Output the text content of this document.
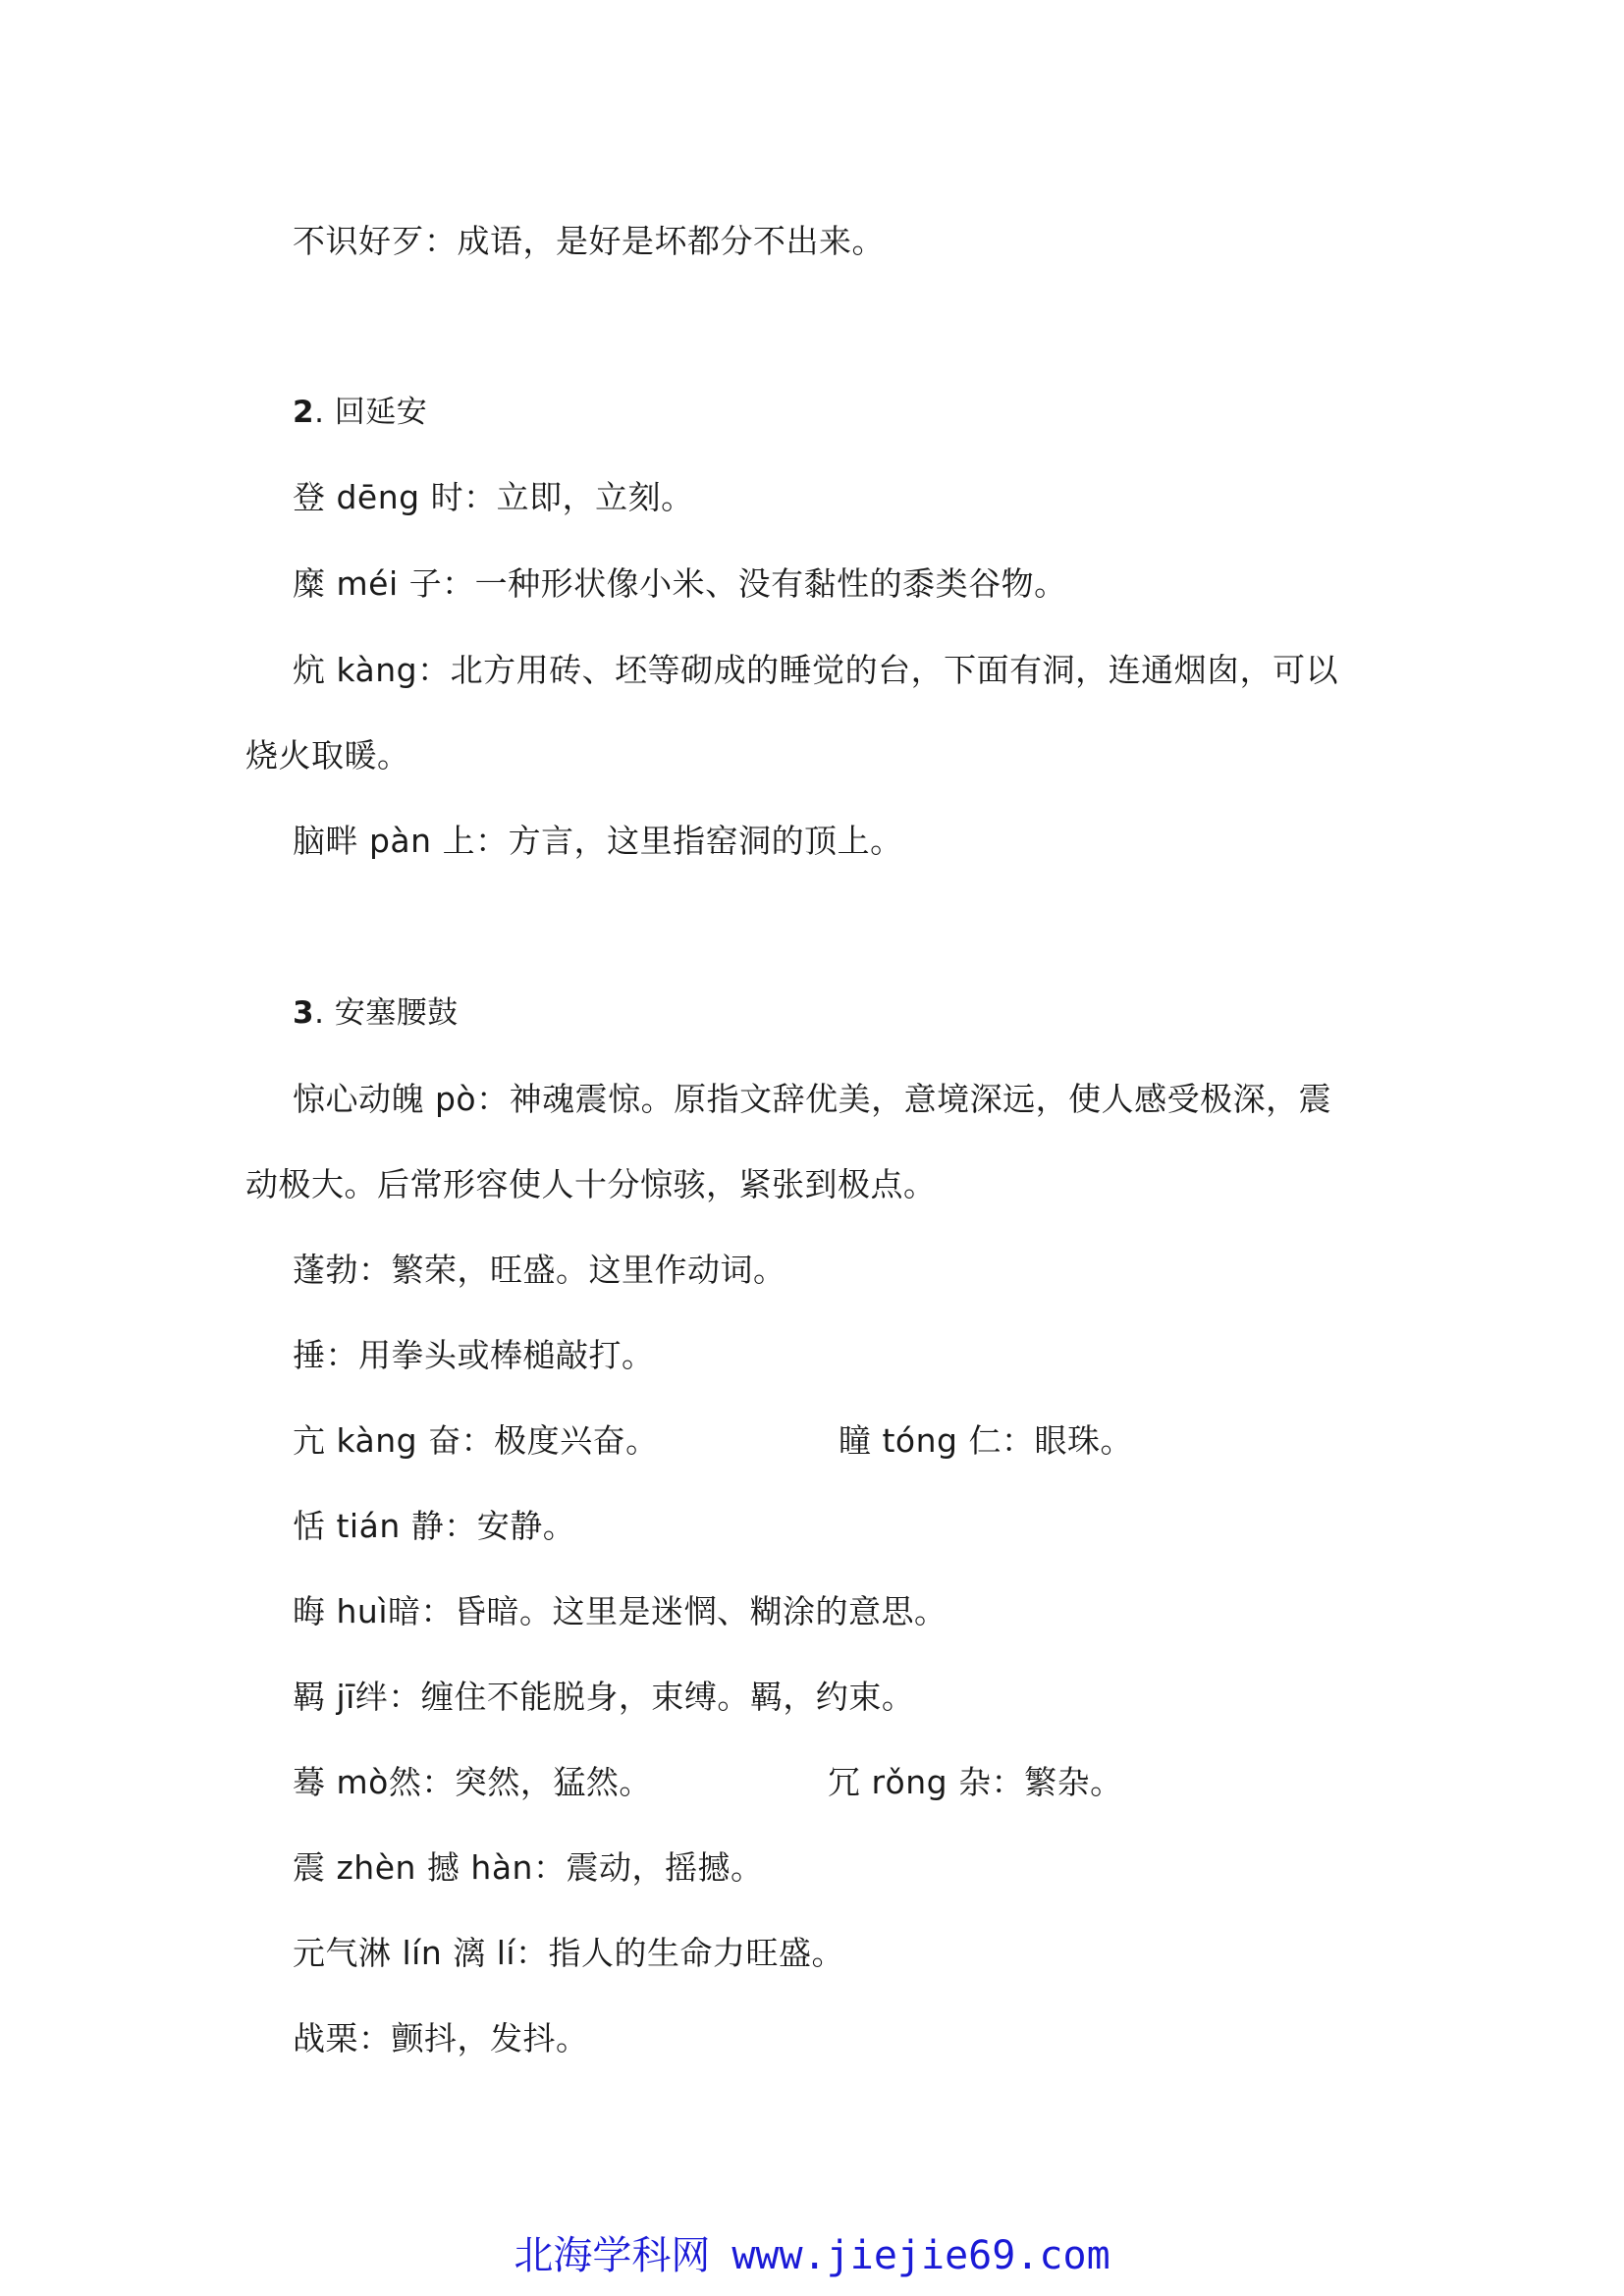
不识好歹：成语，是好是坏都分不出来。
2. 回延安
登 dēng 时：立即，立刻。
糜 méi 子：一种形状像小米、没有黏性的黍类谷物。
炕 kàng：北方用砖、坯等砌成的睡觉的台，下面有洞，连通烟囱，可以
烧火取暖。
脑畔 pàn 上：方言，这里指窑洞的顶上。
3. 安塞腰鼓
惊心动魄 pò：神魂震惊。原指文辞优美，意境深远，使人感受极深，震
动极大。后常形容使人十分惊骇，紧张到极点。
蓬勃：繁荣，旺盛。这里作动词。
捶：用拳头或棒槌敲打。
亢 kàng 奋：极度兴奋。	瞳 tóng 仁：眼珠。
恬 tián 静：安静。
晦 huì暗：昏暗。这里是迷惘、糊涂的意思。
羁 jī绊：缠住不能脱身，束缚。羁，约束。
蓦 mò然：突然，猛然。	冗 rǒng 杂：繁杂。
震 zhèn 撼 hàn：震动，摇撼。
元气淋 lín 漓 lí：指人的生命力旺盛。
战栗：颤抖，发抖。
北海学科网 www.jiejie69.com
